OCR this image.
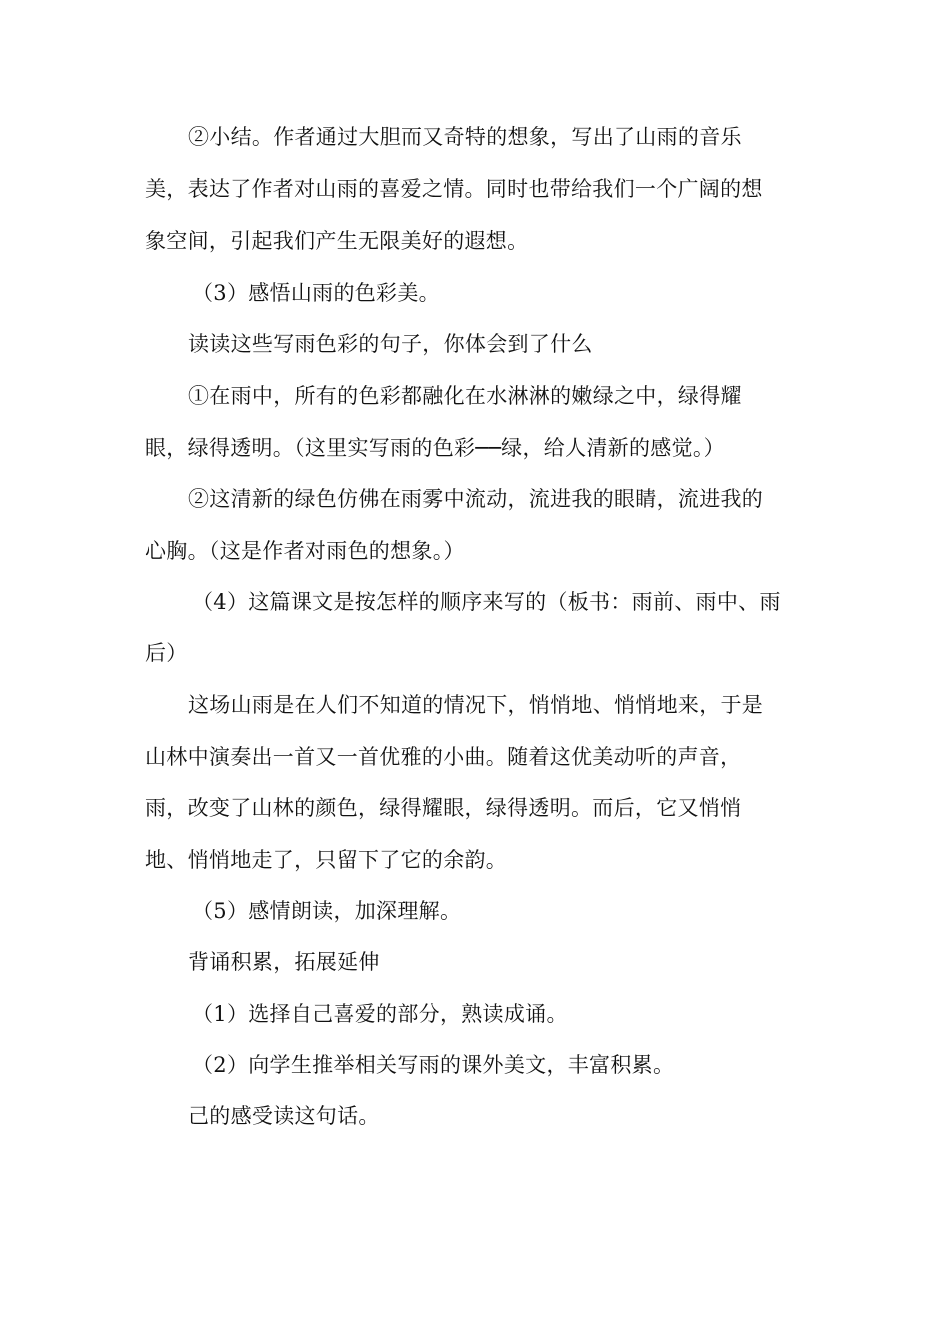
②小结。作者通过大胆而又奇特的想象，写出了山雨的音乐
美，表达了作者对山雨的喜爱之情。同时也带给我们一个广阔的想
象空间，引起我们产生无限美好的遐想。
（3）感悟山雨的色彩美。
读读这些写雨色彩的句子，你体会到了什么
①在雨中，所有的色彩都融化在水淋淋的嫩绿之中，绿得耀
眼，绿得透明。（这里实写雨的色彩──绿，给人清新的感觉。）
②这清新的绿色仿佛在雨雾中流动，流进我的眼睛，流进我的
心胸。（这是作者对雨色的想象。）
（4）这篇课文是按怎样的顺序来写的（板书：雨前、雨中、雨
后）
这场山雨是在人们不知道的情况下，悄悄地、悄悄地来，于是
山林中演奏出一首又一首优雅的小曲。随着这优美动听的声音，
雨，改变了山林的颜色，绿得耀眼，绿得透明。而后，它又悄悄
地、悄悄地走了，只留下了它的余韵。
（5）感情朗读，加深理解。
背诵积累，拓展延伸
（1）选择自己喜爱的部分，熟读成诵。
（2）向学生推举相关写雨的课外美文，丰富积累。
己的感受读这句话。
